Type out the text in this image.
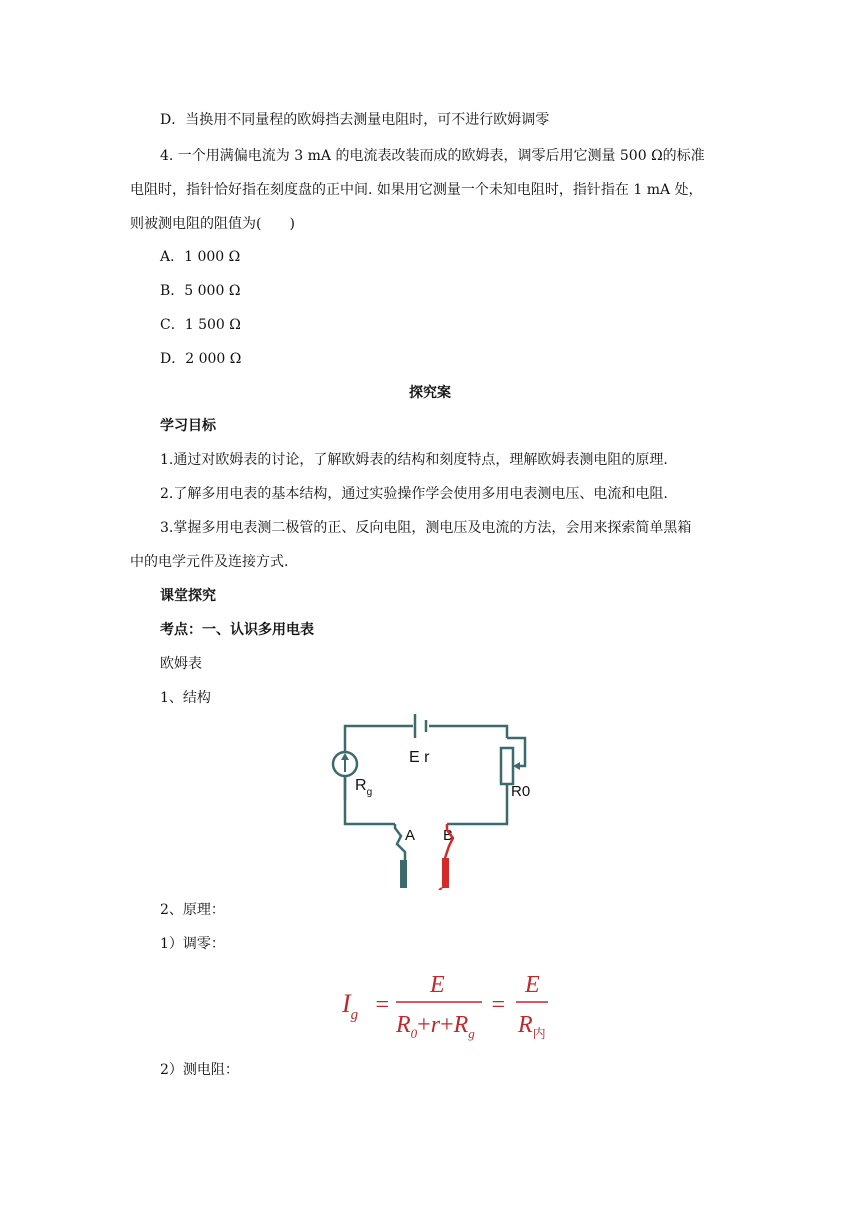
D．当换用不同量程的欧姆挡去测量电阻时，可不进行欧姆调零
4. 一个用满偏电流为 3 mA 的电流表改装而成的欧姆表，调零后用它测量 500 Ω的标准
电阻时，指针恰好指在刻度盘的正中间. 如果用它测量一个未知电阻时，指针指在 1 mA 处，
则被测电阻的阻值为(　　)
A．1 000 Ω
B．5 000 Ω
C．1 500 Ω
D．2 000 Ω
探究案
学习目标
1.通过对欧姆表的讨论，了解欧姆表的结构和刻度特点，理解欧姆表测电阻的原理.
2.了解多用电表的基本结构，通过实验操作学会使用多用电表测电压、电流和电阻.
3.掌握多用电表测二极管的正、反向电阻，测电压及电流的方法，会用来探索简单黑箱
中的电学元件及连接方式.
课堂探究
考点：一、认识多用电表
欧姆表
1、结构
E r
$R_g$	R0
A B
2、原理：
1）调零：
$I_g$ =
E
$R_0+r+R_g$
=
E
$R_内$
2）测电阻：
